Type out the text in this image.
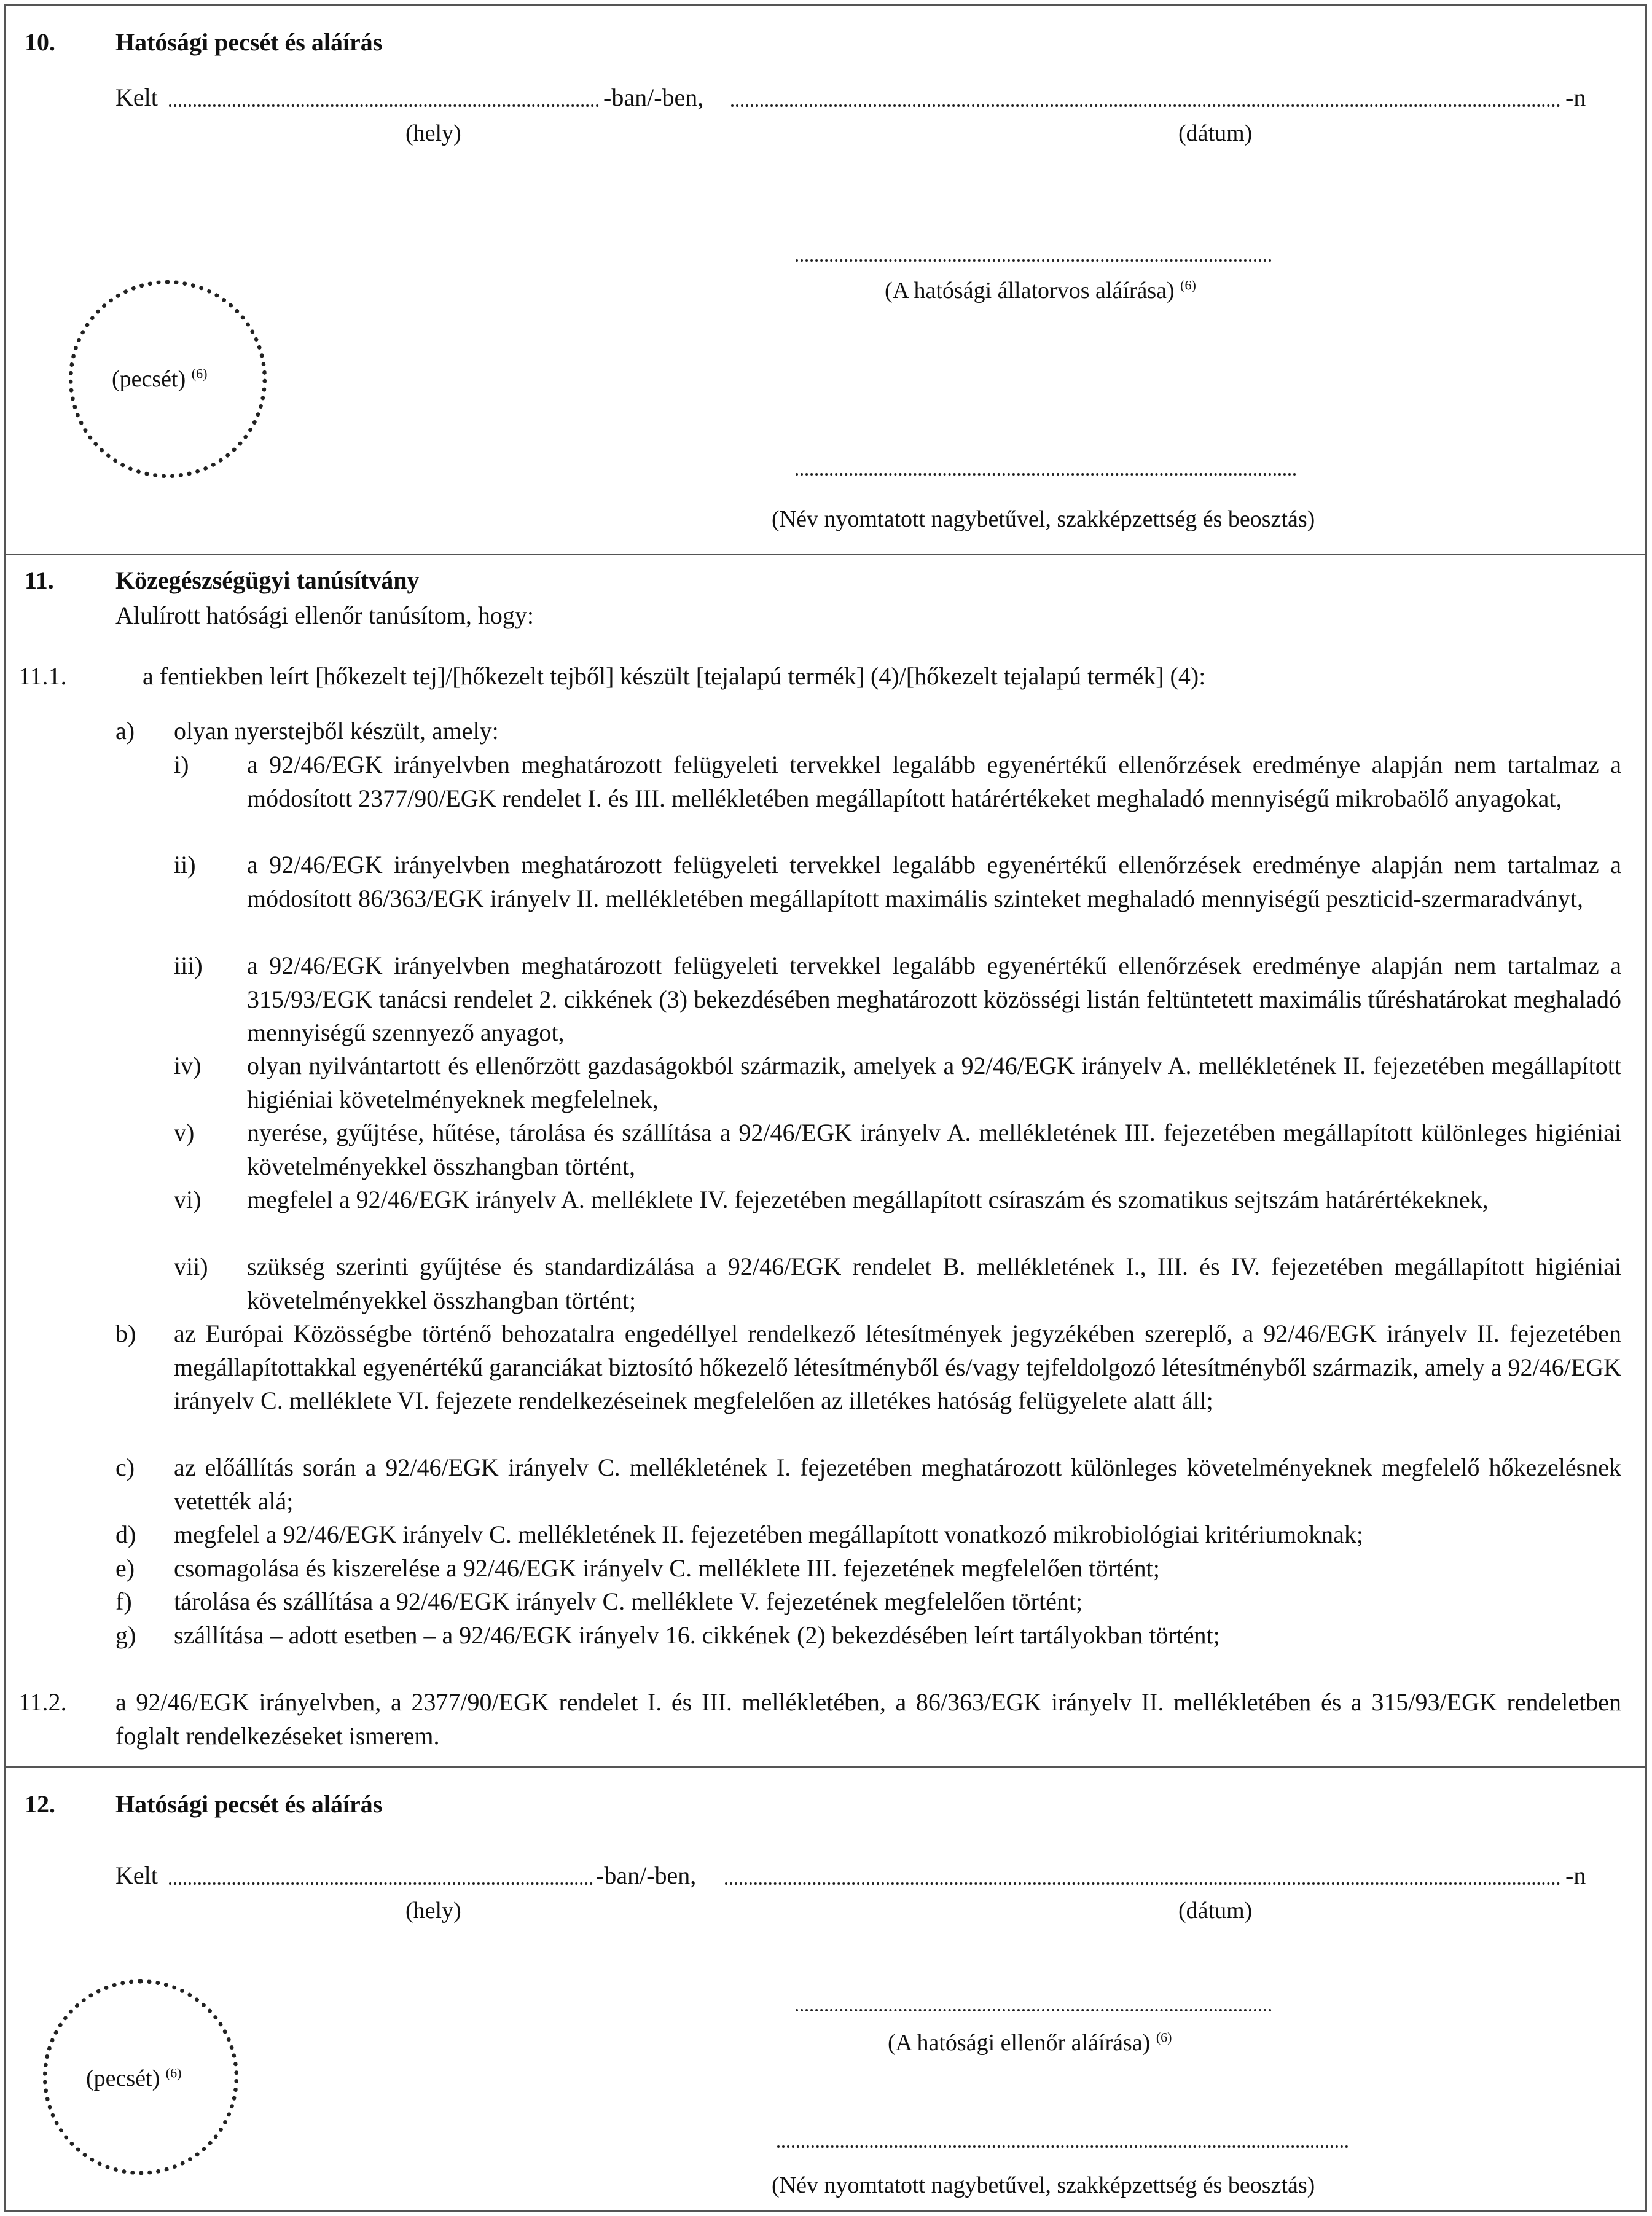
10. Hatósági pecsét és aláírás
Kelt	-ban/-ben,	-n
(hely)	(dátum)
(A hatósági állatorvos aláírása) $^{(6)}$
(pecsét) $^{(6)}$
(Név nyomtatott nagybetűvel, szakképzettség és beosztás)
11.	Közegészségügyi tanúsítvány
Alulírott hatósági ellenőr tanúsítom, hogy:
11.1.	a fentiekben leírt [hőkezelt tej]/[hőkezelt tejből] készült [tejalapú termék] (4)/[hőkezelt tejalapú termék] (4):
a) olyan nyerstejből készült, amely:
i) a 92/46/EGK irányelvben meghatározott felügyeleti tervekkel legalább egyenértékű ellenőrzések eredménye alapján nem tartalmaz a módosított 2377/90/EGK rendelet I. és III. mellékletében megállapított határértékeket meghaladó mennyiségű mikrobaölő anyagokat,
ii) a 92/46/EGK irányelvben meghatározott felügyeleti tervekkel legalább egyenértékű ellenőrzések eredménye alapján nem tartalmaz a módosított 86/363/EGK irányelv II. mellékletében megállapított maximális szinteket meghaladó mennyiségű peszticid-szermaradványt,
iii) a 92/46/EGK irányelvben meghatározott felügyeleti tervekkel legalább egyenértékű ellenőrzések eredménye alapján nem tartalmaz a 315/93/EGK tanácsi rendelet 2. cikkének (3) bekezdésében meghatározott közösségi listán feltüntetett maximális tűréshatárokat meghaladó mennyiségű szennyező anyagot,
iv) olyan nyilvántartott és ellenőrzött gazdaságokból származik, amelyek a 92/46/EGK irányelv A. mellékletének II. fejezetében megállapított higiéniai követelményeknek megfelelnek,
v) nyerése, gyűjtése, hűtése, tárolása és szállítása a 92/46/EGK irányelv A. mellékletének III. fejezetében megállapított különleges higiéniai követelményekkel összhangban történt,
vi) megfelel a 92/46/EGK irányelv A. melléklete IV. fejezetében megállapított csíraszám és szomatikus sejtszám határértékeknek,
vii) szükség szerinti gyűjtése és standardizálása a 92/46/EGK rendelet B. mellékletének I., III. és IV. fejezetében megállapított higiéniai követelményekkel összhangban történt;
b) az Európai Közösségbe történő behozatalra engedéllyel rendelkező létesítmények jegyzékében szereplő, a 92/46/EGK irányelv II. fejezetében megállapítottakkal egyenértékű garanciákat biztosító hőkezelő létesítményből és/vagy tejfeldolgozó létesítményből származik, amely a 92/46/EGK irányelv C. melléklete VI. fejezete rendelkezéseinek megfelelően az illetékes hatóság felügyelete alatt áll;
c) az előállítás során a 92/46/EGK irányelv C. mellékletének I. fejezetében meghatározott különleges követelményeknek megfelelő hőkezelésnek vetették alá;
d) megfelel a 92/46/EGK irányelv C. mellékletének II. fejezetében megállapított vonatkozó mikrobiológiai kritériumoknak;
e) csomagolása és kiszerelése a 92/46/EGK irányelv C. melléklete III. fejezetének megfelelően történt;
f) tárolása és szállítása a 92/46/EGK irányelv C. melléklete V. fejezetének megfelelően történt;
g) szállítása – adott esetben – a 92/46/EGK irányelv 16. cikkének (2) bekezdésében leírt tartályokban történt;
11.2. a 92/46/EGK irányelvben, a 2377/90/EGK rendelet I. és III. mellékletében, a 86/363/EGK irányelv II. mellékletében és a 315/93/EGK rendeletben foglalt rendelkezéseket ismerem.
12. Hatósági pecsét és aláírás
Kelt	-ban/-ben,	-n
(hely)	(dátum)
(A hatósági ellenőr aláírása) $^{(6)}$
(pecsét) $^{(6)}$
(Név nyomtatott nagybetűvel, szakképzettség és beosztás)
